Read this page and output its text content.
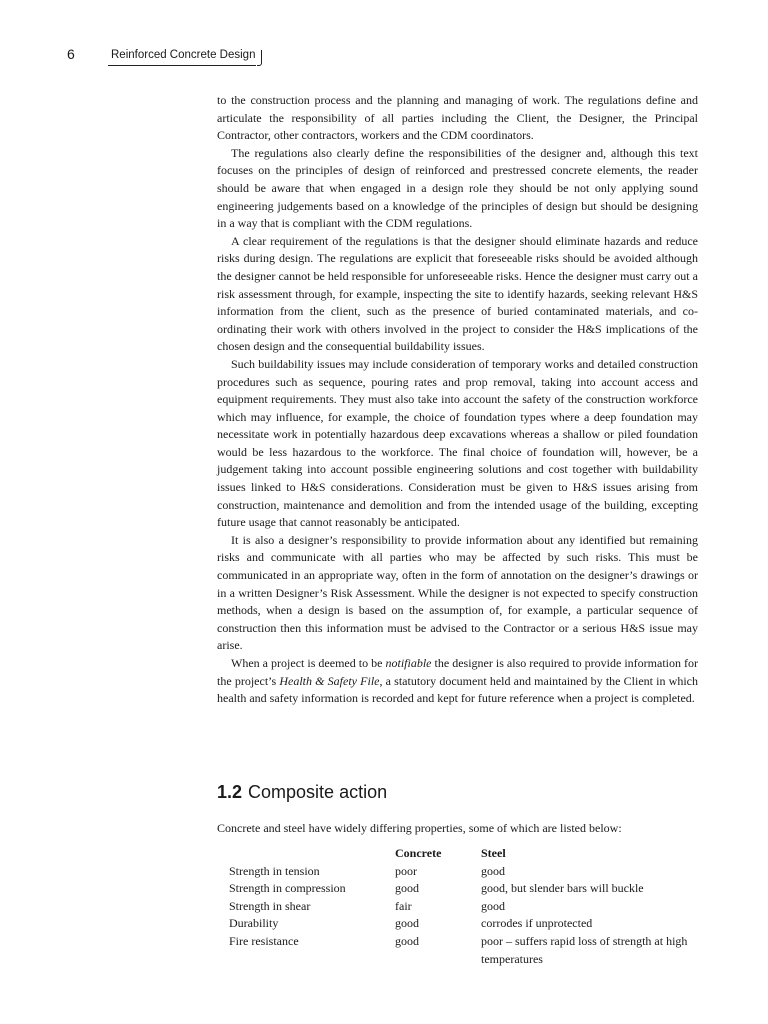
6	Reinforced Concrete Design

to the construction process and the planning and managing of work. The regulations define and articulate the responsibility of all parties including the Client, the Designer, the Principal Contractor, other contractors, workers and the CDM coordinators.

The regulations also clearly define the responsibilities of the designer and, although this text focuses on the principles of design of reinforced and prestressed concrete elements, the reader should be aware that when engaged in a design role they should be not only applying sound engineering judgements based on a knowledge of the principles of design but should be designing in a way that is compliant with the CDM regulations.

A clear requirement of the regulations is that the designer should eliminate hazards and reduce risks during design. The regulations are explicit that foreseeable risks should be avoided although the designer cannot be held responsible for unforeseeable risks. Hence the designer must carry out a risk assessment through, for example, inspecting the site to identify hazards, seeking relevant H&S information from the client, such as the presence of buried contaminated materials, and co-ordinating their work with others involved in the project to consider the H&S implications of the chosen design and the consequential buildability issues.

Such buildability issues may include consideration of temporary works and detailed construction procedures such as sequence, pouring rates and prop removal, taking into account access and equipment requirements. They must also take into account the safety of the construction workforce which may influence, for example, the choice of foundation types where a deep foundation may necessitate work in potentially hazardous deep excavations whereas a shallow or piled foundation would be less hazardous to the workforce. The final choice of foundation will, however, be a judgement taking into account possible engineering solutions and cost together with buildability issues linked to H&S considerations. Consideration must be given to H&S issues arising from construction, maintenance and demolition and from the intended usage of the building, excepting future usage that cannot reasonably be anticipated.

It is also a designer’s responsibility to provide information about any identified but remaining risks and communicate with all parties who may be affected by such risks. This must be communicated in an appropriate way, often in the form of annotation on the designer’s drawings or in a written Designer’s Risk Assessment. While the designer is not expected to specify construction methods, when a design is based on the assumption of, for example, a particular sequence of construction then this information must be advised to the Contractor or a serious H&S issue may arise.

When a project is deemed to be notifiable the designer is also required to provide information for the project’s Health & Safety File, a statutory document held and maintained by the Client in which health and safety information is recorded and kept for future reference when a project is completed.

1.2 Composite action

Concrete and steel have widely differing properties, some of which are listed below:

	Concrete	Steel
Strength in tension	poor	good
Strength in compression	good	good, but slender bars will buckle
Strength in shear	fair	good
Durability	good	corrodes if unprotected
Fire resistance	good	poor – suffers rapid loss of strength at high temperatures
